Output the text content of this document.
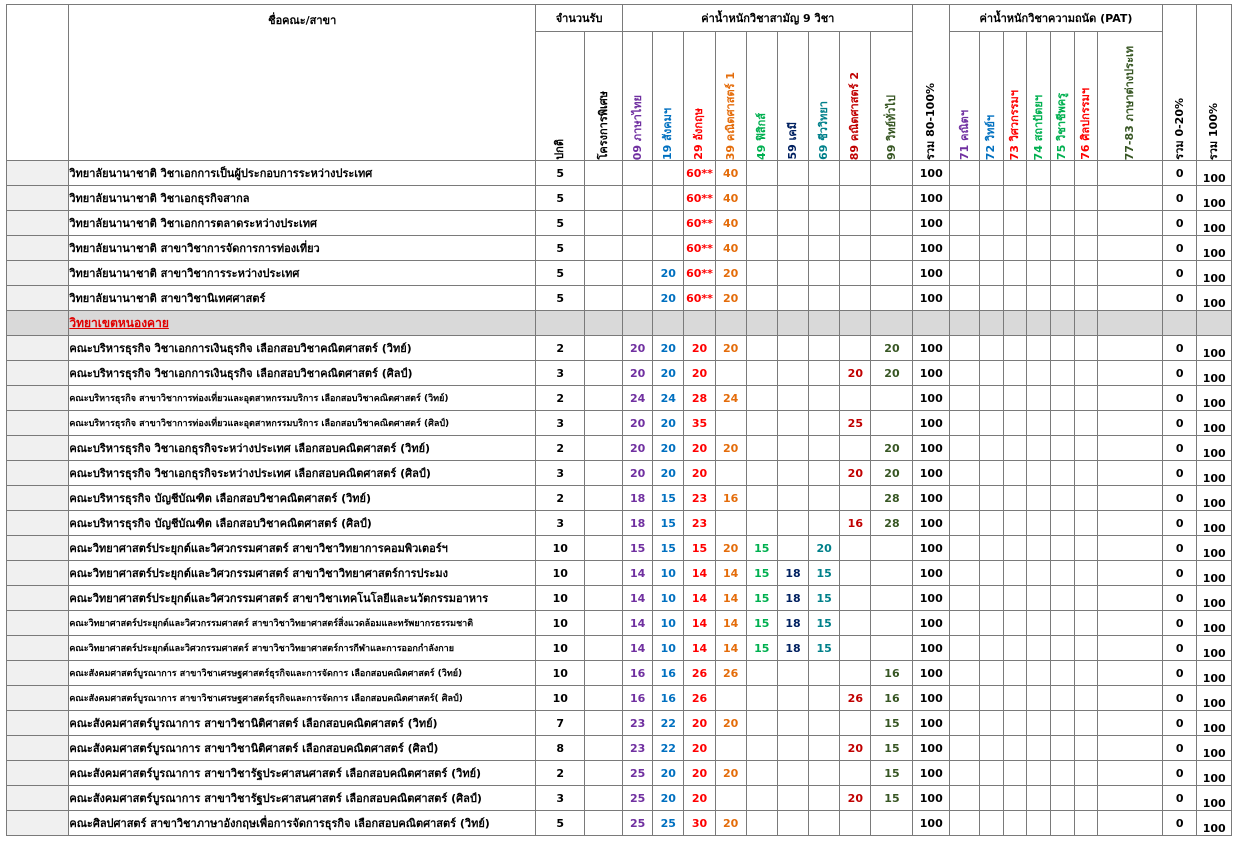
	ชื่อคณะ/สาขา	จำนวนรับ		ค่าน้ำหนักวิชาสามัญ 9 วิชา									รวม 80-100%	ค่าน้ำหนักวิชาความถนัด (PAT)							รวม 0-20%	รวม 100%

		ปกติ	โครงการพิเศษ	09 ภาษาไทย	19 สังคมฯ	29 อังกฤษ	39 คณิตศาสตร์ 1	49 ฟิสิกส์	59 เคมี	69 ชีววิทยา	89 คณิตศาสตร์ 2	99 วิทย์ทั่วไป		71 คณิตฯ	72 วิทย์ฯ	73 วิศวกรรมฯ	74 สถาปัตยฯ	75 วิชาชีพครู	76 ศิลปกรรมฯ	77-83 ภาษาต่างประเท		

	วิทยาลัยนานาชาติ วิชาเอกการเป็นผู้ประกอบการระหว่างประเทศ	5				60**	40						100								0	100
	วิทยาลัยนานาชาติ วิชาเอกธุรกิจสากล	5				60**	40						100								0	100
	วิทยาลัยนานาชาติ วิชาเอกการตลาดระหว่างประเทศ	5				60**	40						100								0	100
	วิทยาลัยนานาชาติ สาขาวิชาการจัดการการท่องเที่ยว	5				60**	40						100								0	100
	วิทยาลัยนานาชาติ สาขาวิชาการระหว่างประเทศ	5			20	60**	20						100								0	100
	วิทยาลัยนานาชาติ สาขาวิชานิเทศศาสตร์	5			20	60**	20						100								0	100
	วิทยาเขตหนองคาย																					
	คณะบริหารธุรกิจ วิชาเอกการเงินธุรกิจ เลือกสอบวิชาคณิตศาสตร์ (วิทย์)	2		20	20	20	20					20	100								0	100
	คณะบริหารธุรกิจ วิชาเอกการเงินธุรกิจ เลือกสอบวิชาคณิตศาสตร์ (ศิลป์)	3		20	20	20					20	20	100								0	100
	คณะบริหารธุรกิจ สาขาวิชาการท่องเที่ยวและอุตสาหกรรมบริการ เลือกสอบวิชาคณิตศาสตร์ (วิทย์)	2		24	24	28	24						100								0	100
	คณะบริหารธุรกิจ สาขาวิชาการท่องเที่ยวและอุตสาหกรรมบริการ เลือกสอบวิชาคณิตศาสตร์ (ศิลป์)	3		20	20	35					25		100								0	100
	คณะบริหารธุรกิจ วิชาเอกธุรกิจระหว่างประเทศ เลือกสอบคณิตศาสตร์ (วิทย์)	2		20	20	20	20					20	100								0	100
	คณะบริหารธุรกิจ วิชาเอกธุรกิจระหว่างประเทศ เลือกสอบคณิตศาสตร์ (ศิลป์)	3		20	20	20					20	20	100								0	100
	คณะบริหารธุรกิจ บัญชีบัณฑิต เลือกสอบวิชาคณิตศาสตร์ (วิทย์)	2		18	15	23	16					28	100								0	100
	คณะบริหารธุรกิจ บัญชีบัณฑิต เลือกสอบวิชาคณิตศาสตร์ (ศิลป์)	3		18	15	23					16	28	100								0	100
	คณะวิทยาศาสตร์ประยุกต์และวิศวกรรมศาสตร์ สาขาวิชาวิทยาการคอมพิวเตอร์ฯ	10		15	15	15	20	15		20			100								0	100
	คณะวิทยาศาสตร์ประยุกต์และวิศวกรรมศาสตร์ สาขาวิชาวิทยาศาสตร์การประมง	10		14	10	14	14	15	18	15			100								0	100
	คณะวิทยาศาสตร์ประยุกต์และวิศวกรรมศาสตร์ สาขาวิชาเทคโนโลยีและนวัตกรรมอาหาร	10		14	10	14	14	15	18	15			100								0	100
	คณะวิทยาศาสตร์ประยุกต์และวิศวกรรมศาสตร์ สาขาวิชาวิทยาศาสตร์สิ่งแวดล้อมและทรัพยากรธรรมชาติ	10		14	10	14	14	15	18	15			100								0	100
	คณะวิทยาศาสตร์ประยุกต์และวิศวกรรมศาสตร์ สาขาวิชาวิทยาศาสตร์การกีฬาและการออกกำลังกาย	10		14	10	14	14	15	18	15			100								0	100
	คณะสังคมศาสตร์บูรณาการ สาขาวิชาเศรษฐศาสตร์ธุรกิจและการจัดการ เลือกสอบคณิตศาสตร์ (วิทย์)	10		16	16	26	26					16	100								0	100
	คณะสังคมศาสตร์บูรณาการ สาขาวิชาเศรษฐศาสตร์ธุรกิจและการจัดการ เลือกสอบคณิตศาสตร์( ศิลป์)	10		16	16	26					26	16	100								0	100
	คณะสังคมศาสตร์บูรณาการ สาขาวิชานิติศาสตร์ เลือกสอบคณิตศาสตร์ (วิทย์)	7		23	22	20	20					15	100								0	100
	คณะสังคมศาสตร์บูรณาการ สาขาวิชานิติศาสตร์ เลือกสอบคณิตศาสตร์ (ศิลป์)	8		23	22	20					20	15	100								0	100
	คณะสังคมศาสตร์บูรณาการ สาขาวิชารัฐประศาสนศาสตร์ เลือกสอบคณิตศาสตร์ (วิทย์)	2		25	20	20	20					15	100								0	100
	คณะสังคมศาสตร์บูรณาการ สาขาวิชารัฐประศาสนศาสตร์ เลือกสอบคณิตศาสตร์ (ศิลป์)	3		25	20	20					20	15	100								0	100
	คณะศิลปศาสตร์ สาขาวิชาภาษาอังกฤษเพื่อการจัดการธุรกิจ เลือกสอบคณิตศาสตร์ (วิทย์)	5		25	25	30	20						100								0	100
